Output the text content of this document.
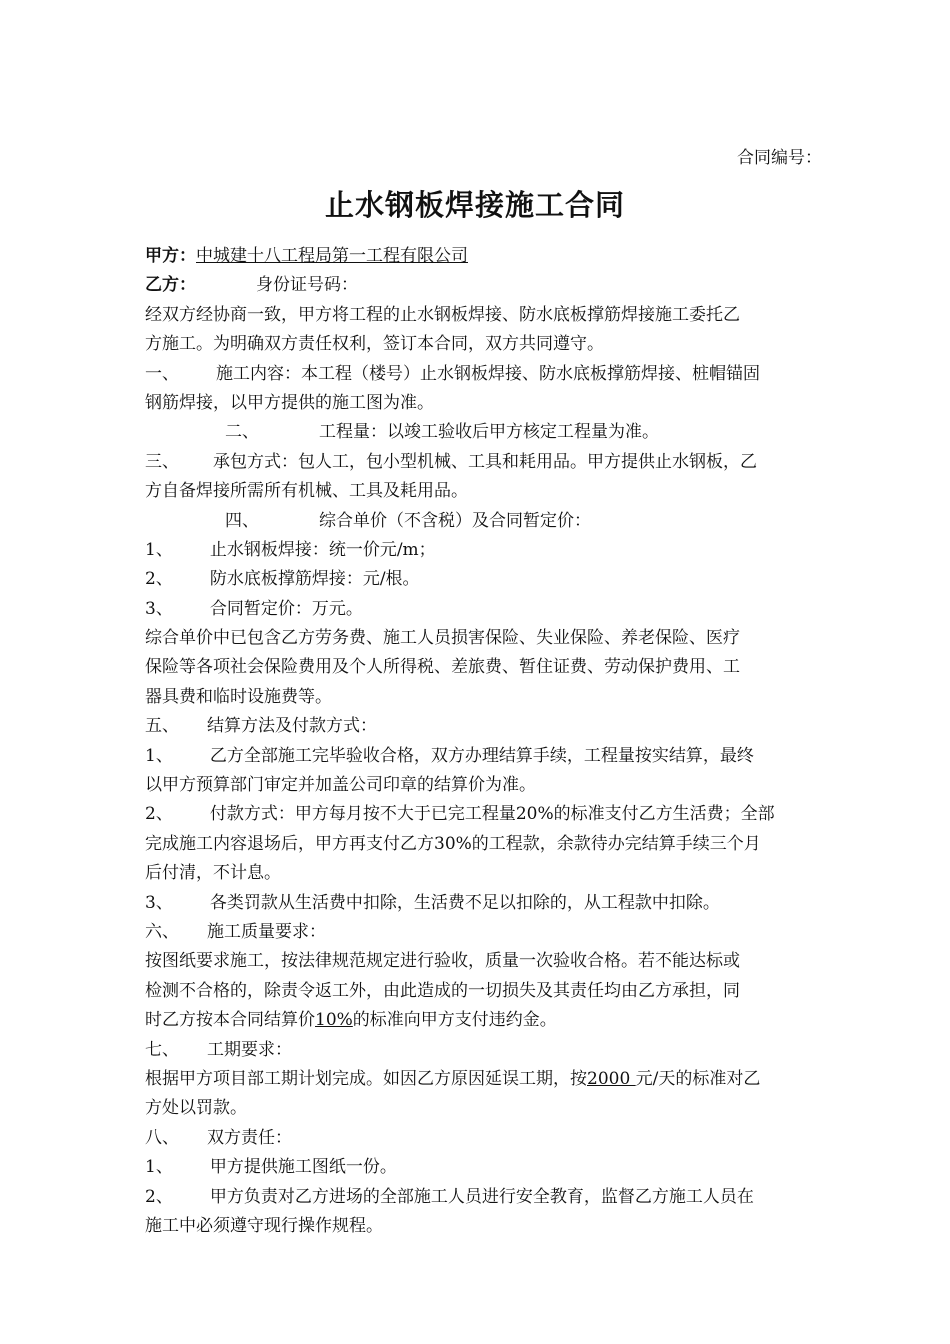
合同编号：
止水钢板焊接施工合同
甲方：中城建十八工程局第一工程有限公司
乙方：	身份证号码：
经双方经协商一致，甲方将工程的止水钢板焊接、防水底板撑筋焊接施工委托乙
方施工。为明确双方责任权利，签订本合同，双方共同遵守。
一、 施工内容：本工程（楼号）止水钢板焊接、防水底板撑筋焊接、桩帽锚固
钢筋焊接，以甲方提供的施工图为准。
二、	工程量：以竣工验收后甲方核定工程量为准。
三、 承包方式：包人工，包小型机械、工具和耗用品。甲方提供止水钢板，乙
方自备焊接所需所有机械、工具及耗用品。
四、	综合单价（不含税）及合同暂定价：
1、 止水钢板焊接：统一价元/m；
2、 防水底板撑筋焊接：元/根。
3、 合同暂定价：万元。
综合单价中已包含乙方劳务费、施工人员损害保险、失业保险、养老保险、医疗
保险等各项社会保险费用及个人所得税、差旅费、暂住证费、劳动保护费用、工
器具费和临时设施费等。
五、 结算方法及付款方式：
1、 乙方全部施工完毕验收合格，双方办理结算手续，工程量按实结算，最终
以甲方预算部门审定并加盖公司印章的结算价为准。
2、 付款方式：甲方每月按不大于已完工程量20%的标准支付乙方生活费；全部
完成施工内容退场后，甲方再支付乙方30%的工程款，余款待办完结算手续三个月
后付清，不计息。
3、 各类罚款从生活费中扣除，生活费不足以扣除的，从工程款中扣除。
六、 施工质量要求：
按图纸要求施工，按法律规范规定进行验收，质量一次验收合格。若不能达标或
检测不合格的，除责令返工外，由此造成的一切损失及其责任均由乙方承担，同
时乙方按本合同结算价10%的标准向甲方支付违约金。
七、 工期要求：
根据甲方项目部工期计划完成。如因乙方原因延误工期，按2000 元/天的标准对乙
方处以罚款。
八、 双方责任：
1、 甲方提供施工图纸一份。
2、 甲方负责对乙方进场的全部施工人员进行安全教育，监督乙方施工人员在
施工中必须遵守现行操作规程。
